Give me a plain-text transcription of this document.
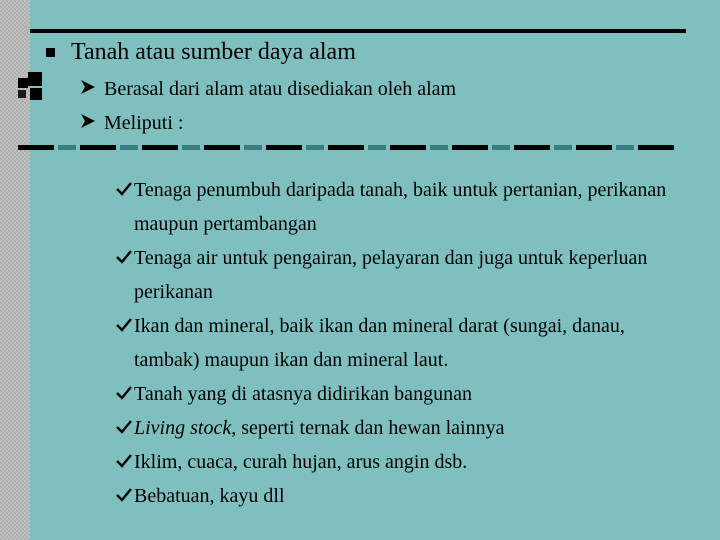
Tanah atau sumber daya alam
Berasal dari alam atau disediakan oleh alam
Meliputi :
Tenaga penumbuh daripada tanah, baik untuk pertanian, perikanan maupun pertambangan
Tenaga air untuk pengairan, pelayaran dan juga untuk keperluan perikanan
Ikan dan mineral, baik ikan dan mineral darat (sungai, danau, tambak) maupun ikan dan mineral laut.
Tanah yang di atasnya didirikan bangunan
Living stock, seperti ternak dan hewan lainnya
Iklim, cuaca, curah hujan, arus angin dsb.
Bebatuan, kayu dll
